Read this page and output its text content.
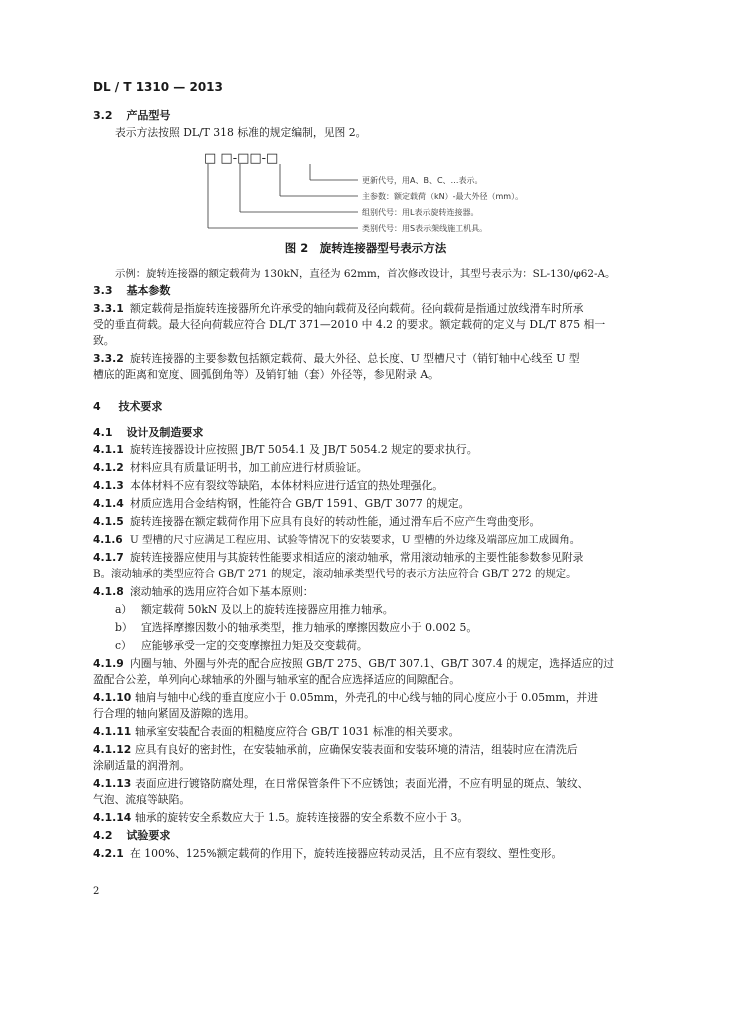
DL / T 1310 — 2013
3.2 产品型号
表示方法按照 DL/T 318 标准的规定编制，见图 2。
□ □-□□-□
更新代号，用A、B、C、…表示。
主参数：额定载荷（kN）-最大外径（mm）。
组别代号：用L表示旋转连接器。
类别代号：用S表示架线施工机具。
图 2　旋转连接器型号表示方法
示例：旋转连接器的额定载荷为 130kN，直径为 62mm，首次修改设计，其型号表示为：SL-130/φ62-A。
3.3 基本参数
3.3.1 额定载荷是指旋转连接器所允许承受的轴向载荷及径向载荷。径向载荷是指通过放线滑车时所承
受的垂直荷载。最大径向荷载应符合 DL/T 371—2010 中 4.2 的要求。额定载荷的定义与 DL/T 875 相一
致。
3.3.2 旋转连接器的主要参数包括额定载荷、最大外径、总长度、U 型槽尺寸（销钉轴中心线至 U 型
槽底的距离和宽度、圆弧倒角等）及销钉轴（套）外径等，参见附录 A。
4 技术要求
4.1 设计及制造要求
4.1.1 旋转连接器设计应按照 JB/T 5054.1 及 JB/T 5054.2 规定的要求执行。
4.1.2 材料应具有质量证明书，加工前应进行材质验证。
4.1.3 本体材料不应有裂纹等缺陷，本体材料应进行适宜的热处理强化。
4.1.4 材质应选用合金结构钢，性能符合 GB/T 1591、GB/T 3077 的规定。
4.1.5 旋转连接器在额定载荷作用下应具有良好的转动性能，通过滑车后不应产生弯曲变形。
4.1.6 U 型槽的尺寸应满足工程应用、试验等情况下的安装要求，U 型槽的外边缘及端部应加工成圆角。
4.1.7 旋转连接器应使用与其旋转性能要求相适应的滚动轴承，常用滚动轴承的主要性能参数参见附录
B。滚动轴承的类型应符合 GB/T 271 的规定，滚动轴承类型代号的表示方法应符合 GB/T 272 的规定。
4.1.8 滚动轴承的选用应符合如下基本原则：
a） 额定载荷 50kN 及以上的旋转连接器应用推力轴承。
b） 宜选择摩擦因数小的轴承类型，推力轴承的摩擦因数应小于 0.002 5。
c） 应能够承受一定的交变摩擦扭力矩及交变载荷。
4.1.9 内圈与轴、外圈与外壳的配合应按照 GB/T 275、GB/T 307.1、GB/T 307.4 的规定，选择适应的过
盈配合公差，单列向心球轴承的外圈与轴承室的配合应选择适应的间隙配合。
4.1.10 轴肩与轴中心线的垂直度应小于 0.05mm，外壳孔的中心线与轴的同心度应小于 0.05mm，并进
行合理的轴向紧固及游隙的选用。
4.1.11 轴承室安装配合表面的粗糙度应符合 GB/T 1031 标准的相关要求。
4.1.12 应具有良好的密封性，在安装轴承前，应确保安装表面和安装环境的清洁，组装时应在清洗后
涂刷适量的润滑剂。
4.1.13 表面应进行镀铬防腐处理，在日常保管条件下不应锈蚀；表面光滑，不应有明显的斑点、皱纹、
气泡、流痕等缺陷。
4.1.14 轴承的旋转安全系数应大于 1.5。旋转连接器的安全系数不应小于 3。
4.2 试验要求
4.2.1 在 100%、125%额定载荷的作用下，旋转连接器应转动灵活，且不应有裂纹、塑性变形。
2
